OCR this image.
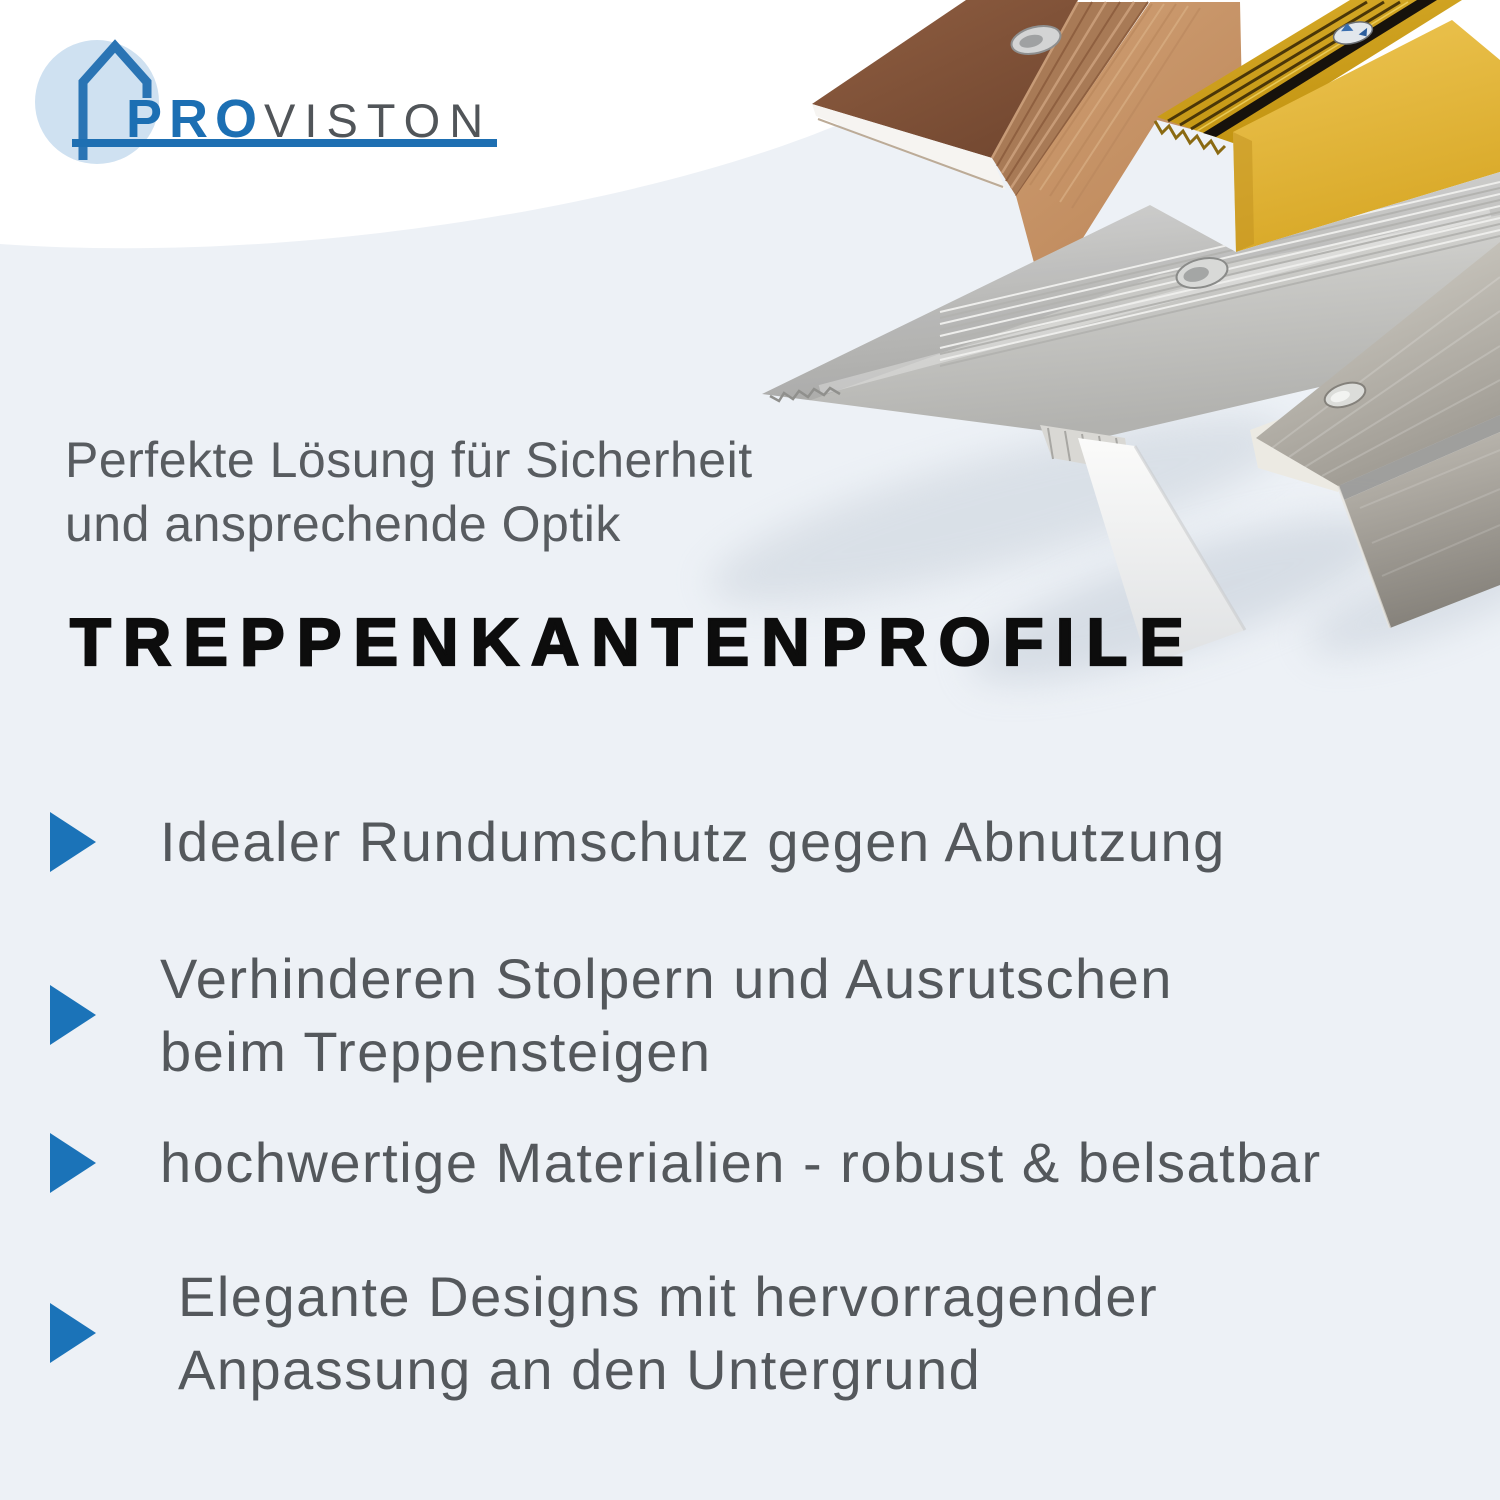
PROVISTON
Perfekte Lösung für Sicherheit
und ansprechende Optik
TREPPENKANTENPROFILE
Idealer Rundumschutz gegen Abnutzung
Verhinderen Stolpern und Ausrutschen
beim Treppensteigen
hochwertige Materialien - robust & belsatbar
Elegante Designs mit hervorragender
Anpassung an den Untergrund
